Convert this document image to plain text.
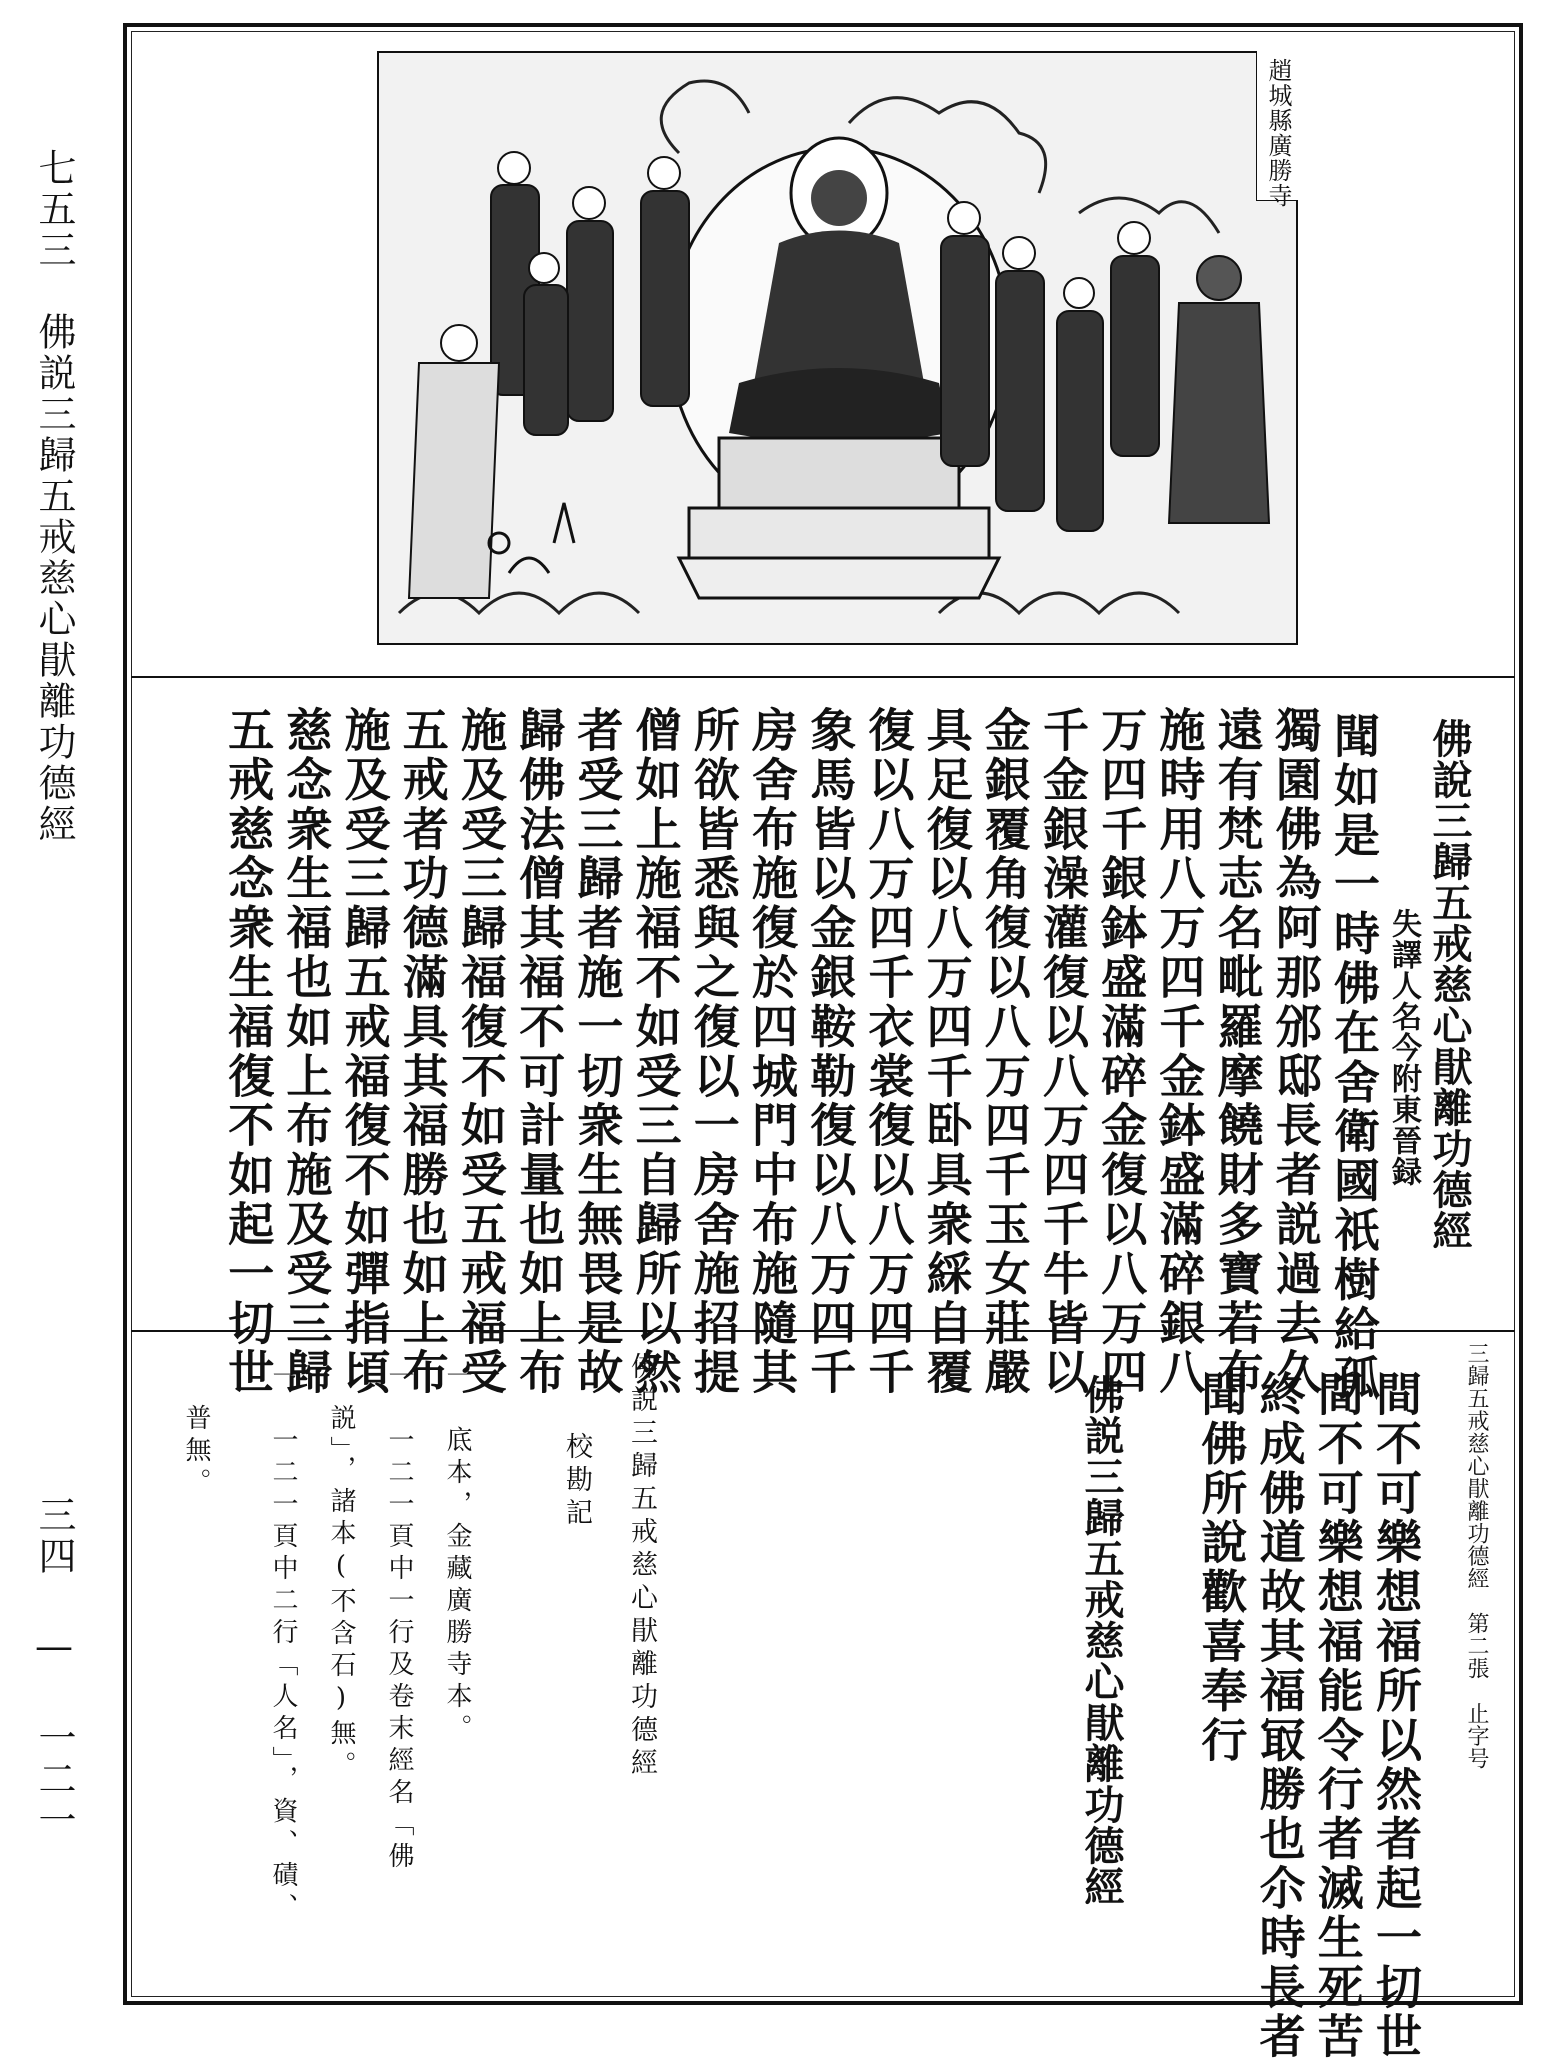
七五三　佛説三歸五戒慈心猒離功德經
三四 — 一二一
趙城縣廣勝寺
佛說三歸五戒慈心猒離功德經
失譯人名今附東晉録
聞如是一時佛在舍衛國祇樹給孤
獨園佛為阿那邠邸長者説過去久
遠有梵志名毗羅摩饒財多寶若布
施時用八万四千金鉢盛滿碎銀八
万四千銀鉢盛滿碎金復以八万四
千金銀澡灌復以八万四千牛皆以
金銀覆角復以八万四千玉女莊嚴
具足復以八万四千卧具衆綵自覆
復以八万四千衣裳復以八万四千
象馬皆以金銀鞍勒復以八万四千
房舍布施復於四城門中布施隨其
所欲皆悉與之復以一房舍施招提
僧如上施福不如受三自歸所以然
者受三歸者施一切衆生無畏是故
歸佛法僧其福不可計量也如上布
施及受三歸福復不如受五戒福受
五戒者功德滿具其福勝也如上布
施及受三歸五戒福復不如彈指頃
慈念衆生福也如上布施及受三歸
五戒慈念衆生福復不如起一切世
三歸五戒慈心猒離功德經　第二張　止字号
間不可樂想福所以然者起一切世
間不可樂想福能令行者滅生死苦
終成佛道故其福冣勝也尒時長者
聞佛所說歡喜奉行
佛説三歸五戒慈心猒離功德經
佛説三歸五戒慈心猒離功德經
校勘記
一　底本，金藏廣勝寺本。
一　一二一頁中一行及卷末經名「佛
説」，諸本(不含石)無。
一　一二一頁中二行「人名」，資、磧、
普無。
